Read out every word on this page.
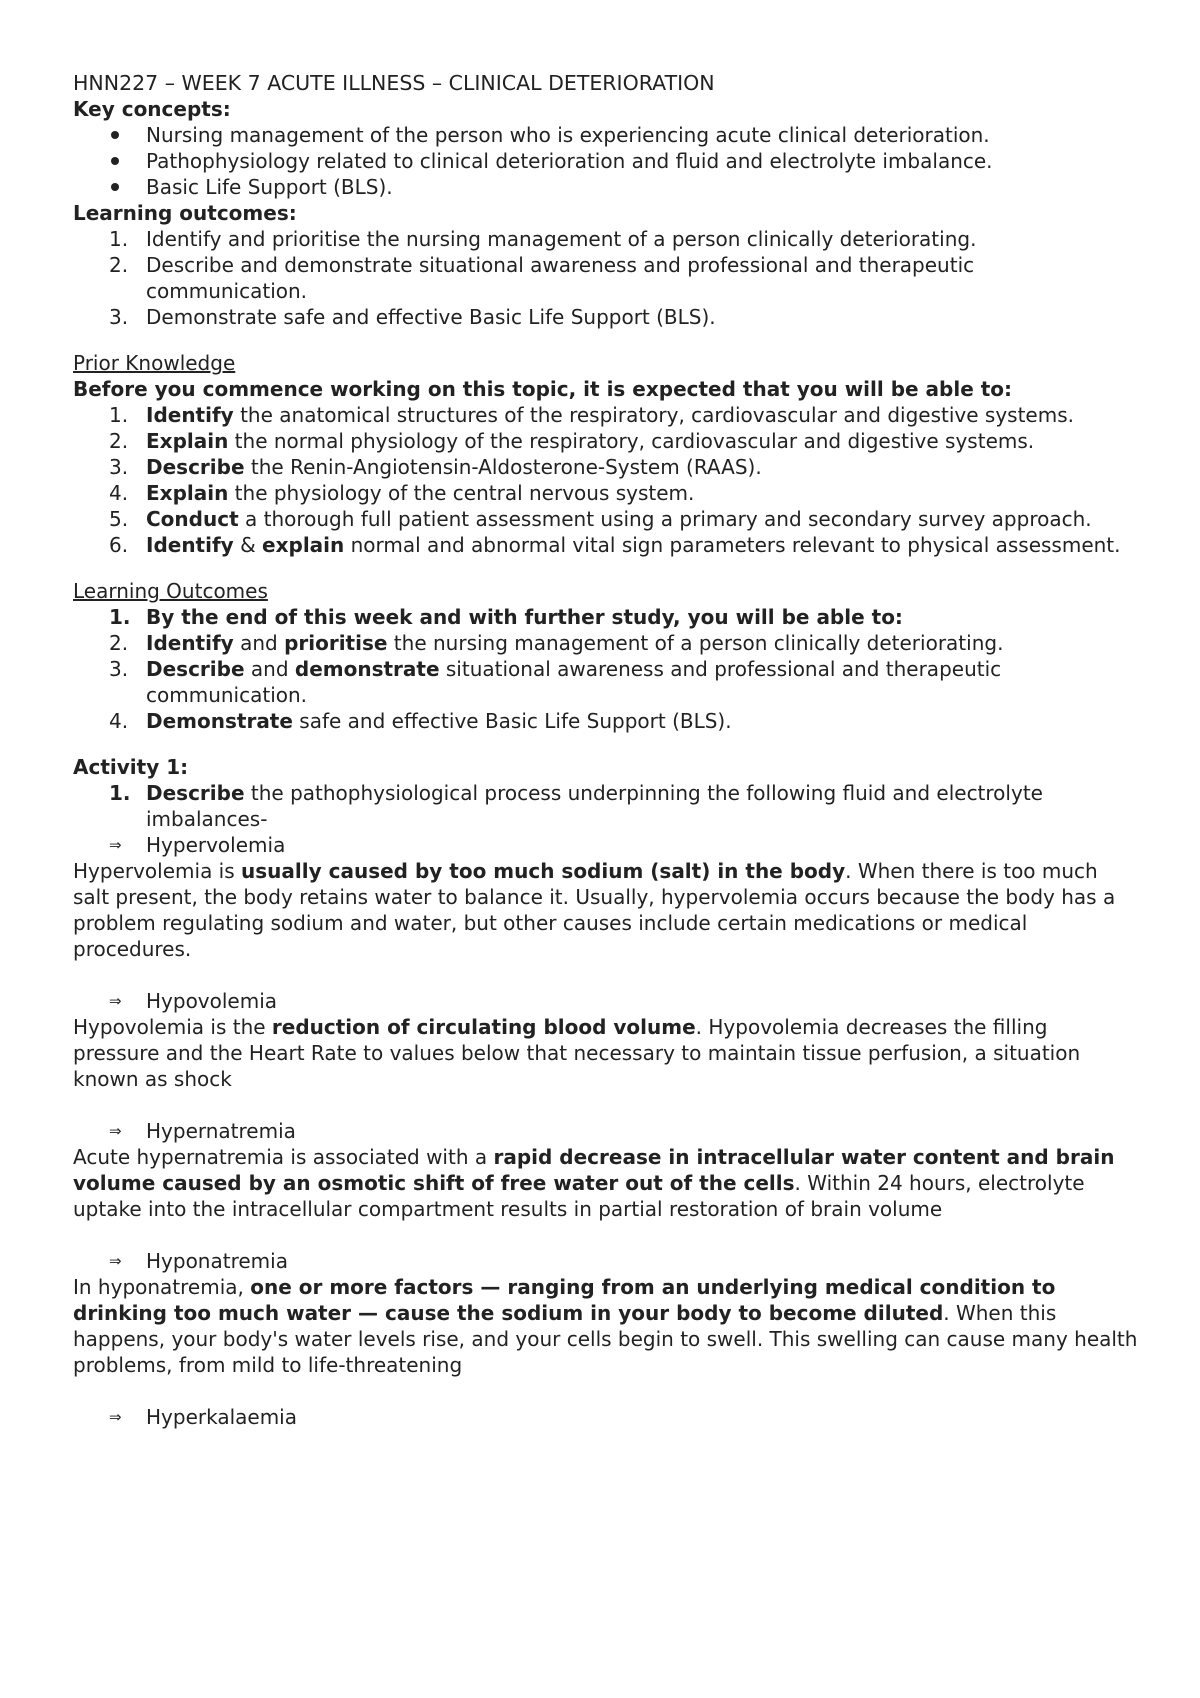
HNN227 – WEEK 7 ACUTE ILLNESS – CLINICAL DETERIORATION
Key concepts:
Nursing management of the person who is experiencing acute clinical deterioration.
Pathophysiology related to clinical deterioration and fluid and electrolyte imbalance.
Basic Life Support (BLS).
Learning outcomes:
1. Identify and prioritise the nursing management of a person clinically deteriorating.
2. Describe and demonstrate situational awareness and professional and therapeutic communication.
3. Demonstrate safe and effective Basic Life Support (BLS).
Prior Knowledge
Before you commence working on this topic, it is expected that you will be able to:
1. Identify the anatomical structures of the respiratory, cardiovascular and digestive systems.
2. Explain the normal physiology of the respiratory, cardiovascular and digestive systems.
3. Describe the Renin-Angiotensin-Aldosterone-System (RAAS).
4. Explain the physiology of the central nervous system.
5. Conduct a thorough full patient assessment using a primary and secondary survey approach.
6. Identify & explain normal and abnormal vital sign parameters relevant to physical assessment.
Learning Outcomes
1. By the end of this week and with further study, you will be able to:
2. Identify and prioritise the nursing management of a person clinically deteriorating.
3. Describe and demonstrate situational awareness and professional and therapeutic communication.
4. Demonstrate safe and effective Basic Life Support (BLS).
Activity 1:
1. Describe the pathophysiological process underpinning the following fluid and electrolyte imbalances-
⇒ Hypervolemia
Hypervolemia is usually caused by too much sodium (salt) in the body. When there is too much salt present, the body retains water to balance it. Usually, hypervolemia occurs because the body has a problem regulating sodium and water, but other causes include certain medications or medical procedures.
⇒ Hypovolemia
Hypovolemia is the reduction of circulating blood volume. Hypovolemia decreases the filling pressure and the Heart Rate to values below that necessary to maintain tissue perfusion, a situation known as shock
⇒ Hypernatremia
Acute hypernatremia is associated with a rapid decrease in intracellular water content and brain volume caused by an osmotic shift of free water out of the cells. Within 24 hours, electrolyte uptake into the intracellular compartment results in partial restoration of brain volume
⇒ Hyponatremia
In hyponatremia, one or more factors — ranging from an underlying medical condition to drinking too much water — cause the sodium in your body to become diluted. When this happens, your body's water levels rise, and your cells begin to swell. This swelling can cause many health problems, from mild to life-threatening
⇒ Hyperkalaemia
